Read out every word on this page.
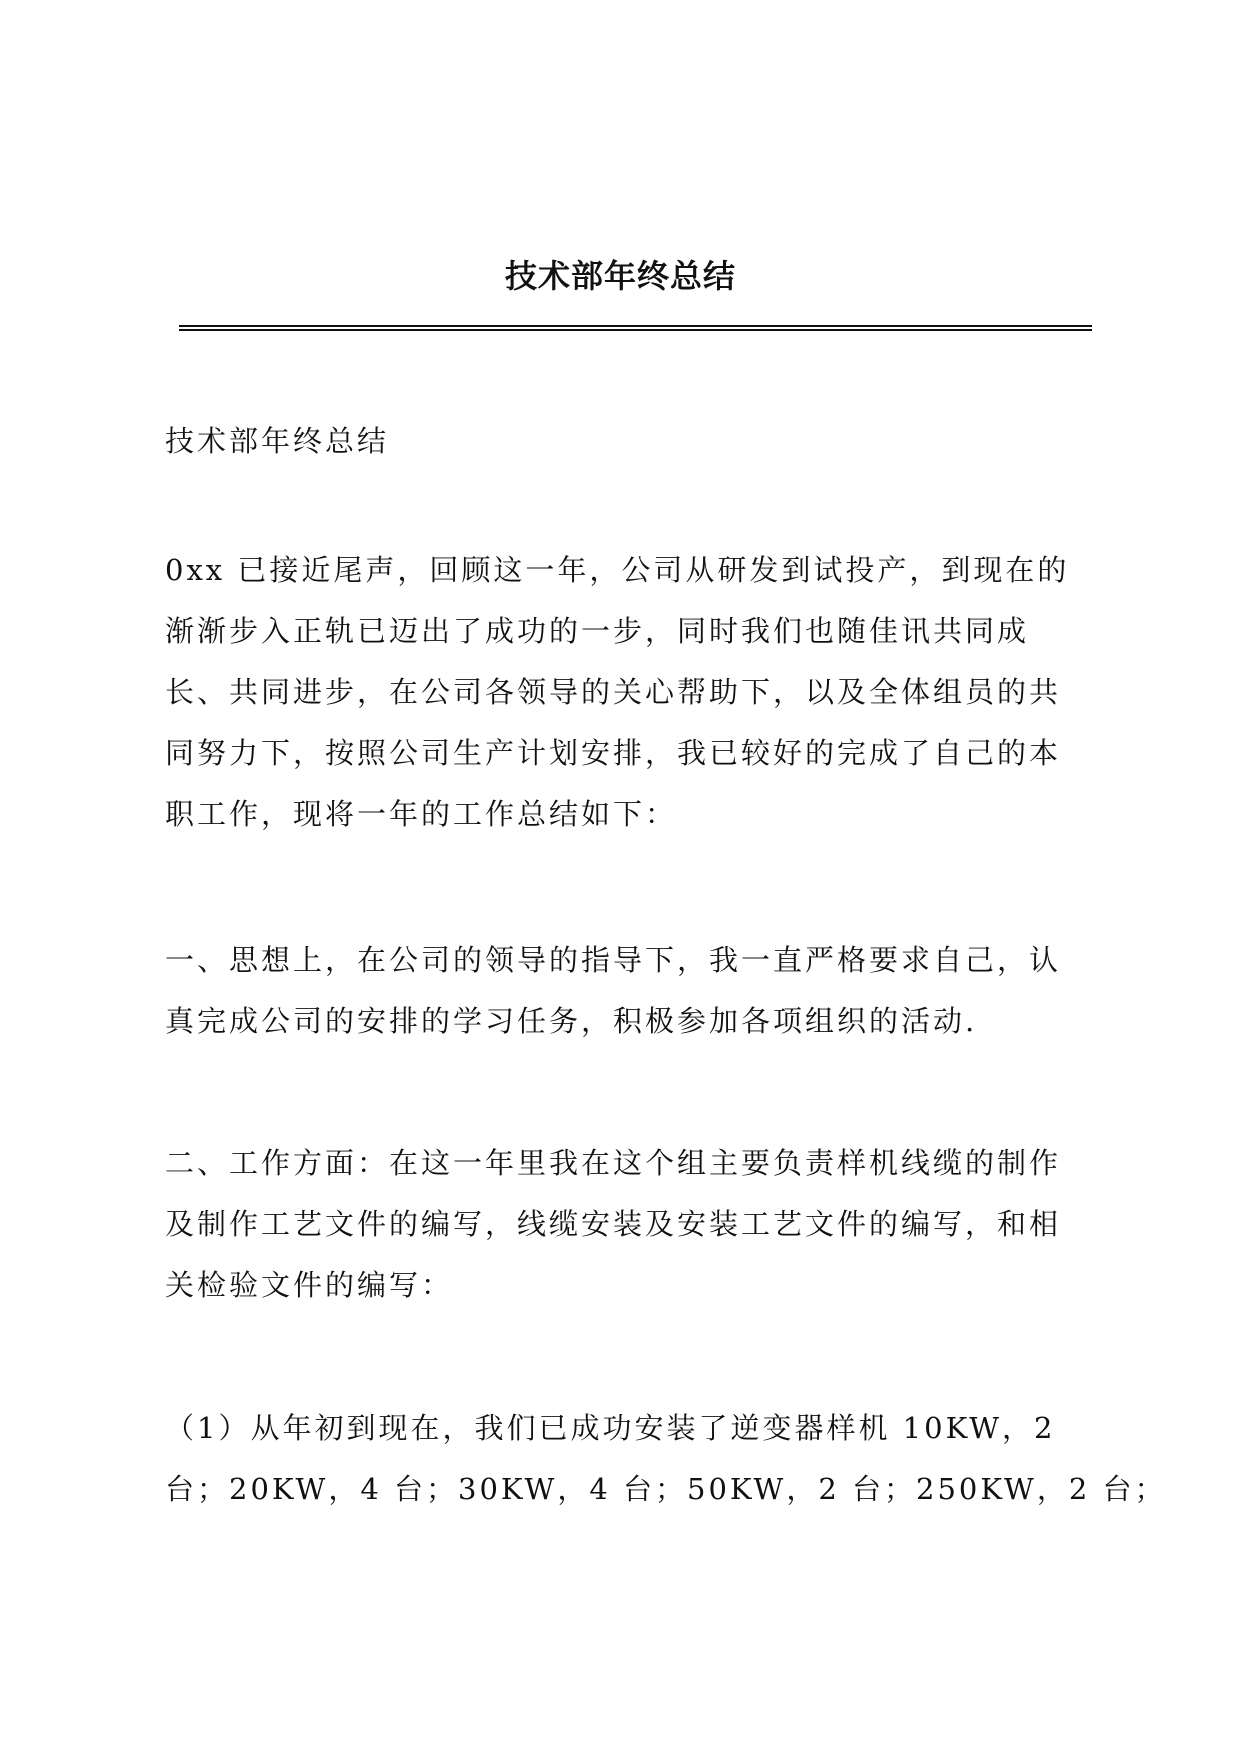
技术部年终总结

技术部年终总结

0xx 已接近尾声，回顾这一年，公司从研发到试投产，到现在的
渐渐步入正轨已迈出了成功的一步，同时我们也随佳讯共同成
长、共同进步，在公司各领导的关心帮助下，以及全体组员的共
同努力下，按照公司生产计划安排，我已较好的完成了自己的本
职工作，现将一年的工作总结如下：

一、思想上，在公司的领导的指导下，我一直严格要求自己，认
真完成公司的安排的学习任务，积极参加各项组织的活动.

二、工作方面：在这一年里我在这个组主要负责样机线缆的制作
及制作工艺文件的编写，线缆安装及安装工艺文件的编写，和相
关检验文件的编写：

（1）从年初到现在，我们已成功安装了逆变器样机 10KW，2
台；20KW，4 台；30KW，4 台；50KW，2 台；250KW，2 台；
